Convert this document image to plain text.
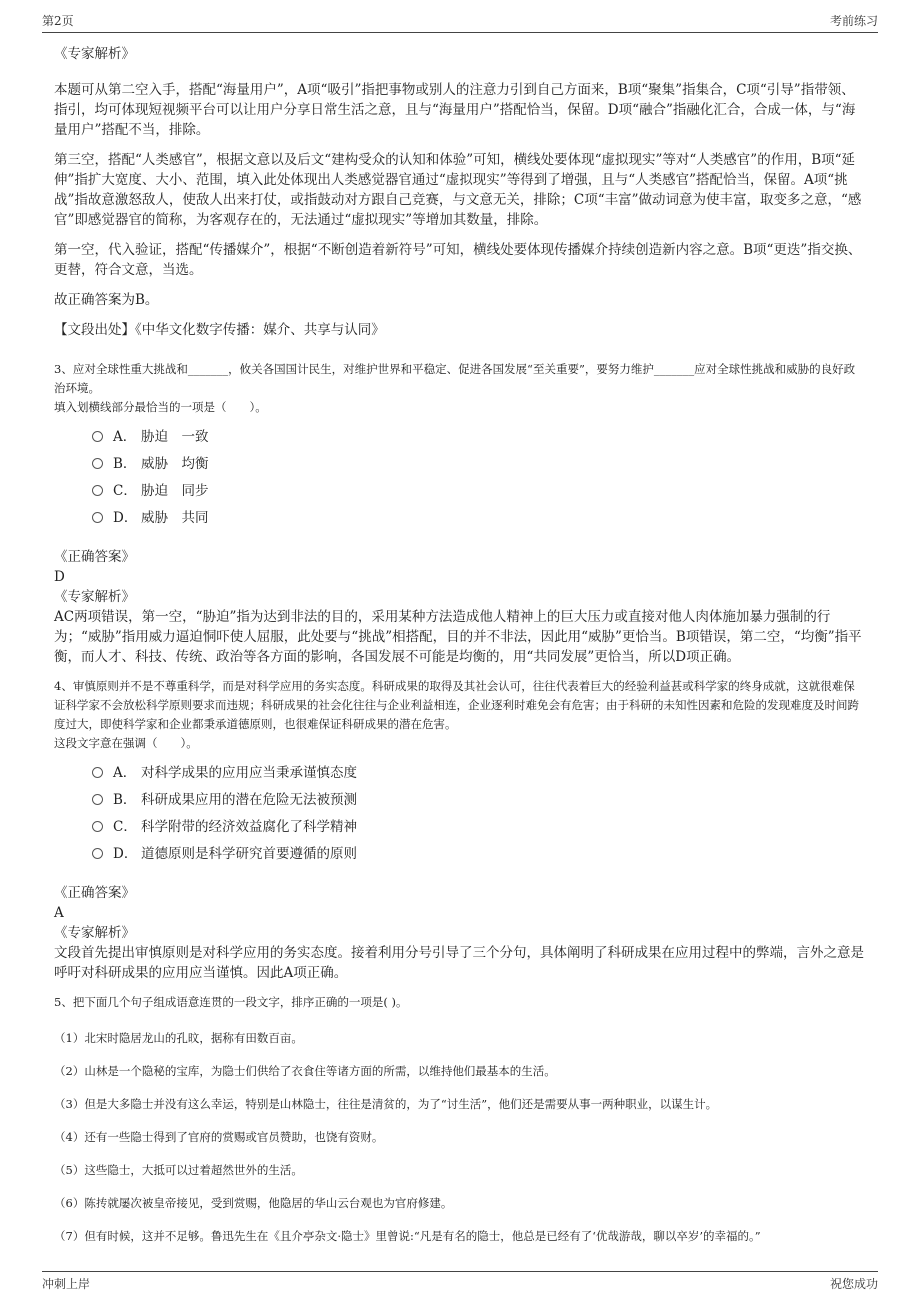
第2页	考前练习

《专家解析》

本题可从第二空入手，搭配“海量用户”，A项“吸引”指把事物或别人的注意力引到自己方面来，B项“聚集”指集合，C项“引导”指带领、指引，均可体现短视频平台可以让用户分享日常生活之意，且与“海量用户”搭配恰当，保留。D项“融合”指融化汇合，合成一体，与“海量用户”搭配不当，排除。

第三空，搭配“人类感官”，根据文意以及后文“建构受众的认知和体验”可知，横线处要体现“虚拟现实”等对“人类感官”的作用，B项“延伸”指扩大宽度、大小、范围，填入此处体现出人类感觉器官通过“虚拟现实”等得到了增强，且与“人类感官”搭配恰当，保留。A项“挑战”指故意激怒敌人，使敌人出来打仗，或指鼓动对方跟自己竞赛，与文意无关，排除；C项“丰富”做动词意为使丰富，取变多之意，“感官”即感觉器官的简称，为客观存在的，无法通过“虚拟现实”等增加其数量，排除。

第一空，代入验证，搭配“传播媒介”，根据“不断创造着新符号”可知，横线处要体现传播媒介持续创造新内容之意。B项“更迭”指交换、更替，符合文意，当选。

故正确答案为B。

【文段出处】《中华文化数字传播：媒介、共享与认同》

3、应对全球性重大挑战和_______，攸关各国国计民生，对维护世界和平稳定、促进各国发展“至关重要”，要努力维护_______应对全球性挑战和威胁的良好政治环境。

填入划横线部分最恰当的一项是（　　）。

A． 胁迫　一致
B． 威胁　均衡
C． 胁迫　同步
D． 威胁　共同

《正确答案》

D

《专家解析》

AC两项错误，第一空，“胁迫”指为达到非法的目的，采用某种方法造成他人精神上的巨大压力或直接对他人肉体施加暴力强制的行为；“威胁”指用威力逼迫恫吓使人屈服，此处要与“挑战”相搭配，目的并不非法，因此用“威胁”更恰当。B项错误，第二空，“均衡”指平衡，而人才、科技、传统、政治等各方面的影响，各国发展不可能是均衡的，用“共同发展”更恰当，所以D项正确。

4、审慎原则并不是不尊重科学，而是对科学应用的务实态度。科研成果的取得及其社会认可，往往代表着巨大的经验利益甚或科学家的终身成就，这就很难保证科学家不会放松科学原则要求而违规；科研成果的社会化往往与企业利益相连，企业逐利时难免会有危害；由于科研的未知性因素和危险的发现难度及时间跨度过大，即使科学家和企业都秉承道德原则，也很难保证科研成果的潜在危害。

这段文字意在强调（　　）。

A． 对科学成果的应用应当秉承谨慎态度
B． 科研成果应用的潜在危险无法被预测
C． 科学附带的经济效益腐化了科学精神
D． 道德原则是科学研究首要遵循的原则

《正确答案》

A

《专家解析》

文段首先提出审慎原则是对科学应用的务实态度。接着利用分号引导了三个分句，具体阐明了科研成果在应用过程中的弊端，言外之意是呼吁对科研成果的应用应当谨慎。因此A项正确。

5、把下面几个句子组成语意连贯的一段文字，排序正确的一项是( )。

（1）北宋时隐居龙山的孔旼，据称有田数百亩。

（2）山林是一个隐秘的宝库，为隐士们供给了衣食住等诸方面的所需，以维持他们最基本的生活。

（3）但是大多隐士并没有这么幸运，特别是山林隐士，往往是清贫的，为了“讨生活”，他们还是需要从事一两种职业，以谋生计。

（4）还有一些隐士得到了官府的赏赐或官员赞助，也饶有资财。

（5）这些隐士，大抵可以过着超然世外的生活。

（6）陈抟就屡次被皇帝接见，受到赏赐，他隐居的华山云台观也为官府修建。

（7）但有时候，这并不足够。鲁迅先生在《且介亭杂文·隐士》里曾说:“凡是有名的隐士，他总是已经有了‘优哉游哉，聊以卒岁’的幸福的。”

冲刺上岸	祝您成功
